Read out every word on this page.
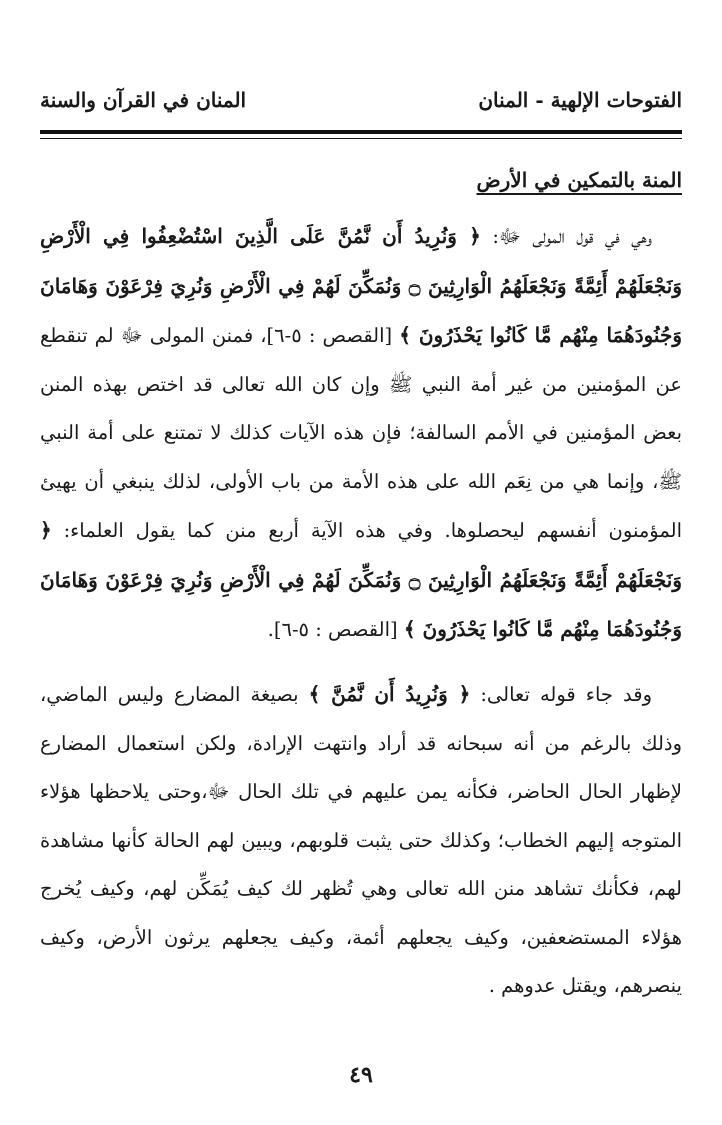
الفتوحات الإلهية - المنان
المنان في القرآن والسنة
المنة بالتمكين في الأرض

وهي في قول المولى ﷻ: ﴿ وَنُرِيدُ أَن نَّمُنَّ عَلَى الَّذِينَ اسْتُضْعِفُوا فِي الْأَرْضِ وَنَجْعَلَهُمْ أَئِمَّةً وَنَجْعَلَهُمُ الْوَارِثِينَ ۝ وَنُمَكِّنَ لَهُمْ فِي الْأَرْضِ وَنُرِيَ فِرْعَوْنَ وَهَامَانَ وَجُنُودَهُمَا مِنْهُم مَّا كَانُوا يَحْذَرُونَ ﴾ [القصص : ٥-٦]، فمنن المولى ﷻ لم تنقطع عن المؤمنين من غير أمة النبي ﷺ وإن كان الله تعالى قد اختص بهذه المنن بعض المؤمنين في الأمم السالفة؛ فإن هذه الآيات كذلك لا تمتنع على أمة النبي ﷺ، وإنما هي من نِعَم الله على هذه الأمة من باب الأولى، لذلك ينبغي أن يهيئ المؤمنون أنفسهم ليحصلوها. وفي هذه الآية أربع منن كما يقول العلماء: ﴿ وَنَجْعَلَهُمْ أَئِمَّةً وَنَجْعَلَهُمُ الْوَارِثِينَ ۝ وَنُمَكِّنَ لَهُمْ فِي الْأَرْضِ وَنُرِيَ فِرْعَوْنَ وَهَامَانَ وَجُنُودَهُمَا مِنْهُم مَّا كَانُوا يَحْذَرُونَ ﴾ [القصص : ٥-٦].

وقد جاء قوله تعالى: ﴿ وَنُرِيدُ أَن نَّمُنَّ ﴾ بصيغة المضارع وليس الماضي، وذلك بالرغم من أنه سبحانه قد أراد وانتهت الإرادة، ولكن استعمال المضارع لإظهار الحال الحاضر، فكأنه يمن عليهم في تلك الحال ﷻ،وحتى يلاحظها هؤلاء المتوجه إليهم الخطاب؛ وكذلك حتى يثبت قلوبهم، ويبين لهم الحالة كأنها مشاهدة لهم، فكأنك تشاهد منن الله تعالى وهي تُظهر لك كيف يُمَكِّن لهم، وكيف يُخرج هؤلاء المستضعفين، وكيف يجعلهم أئمة، وكيف يجعلهم يرثون الأرض، وكيف ينصرهم، ويقتل عدوهم .

٤٩
